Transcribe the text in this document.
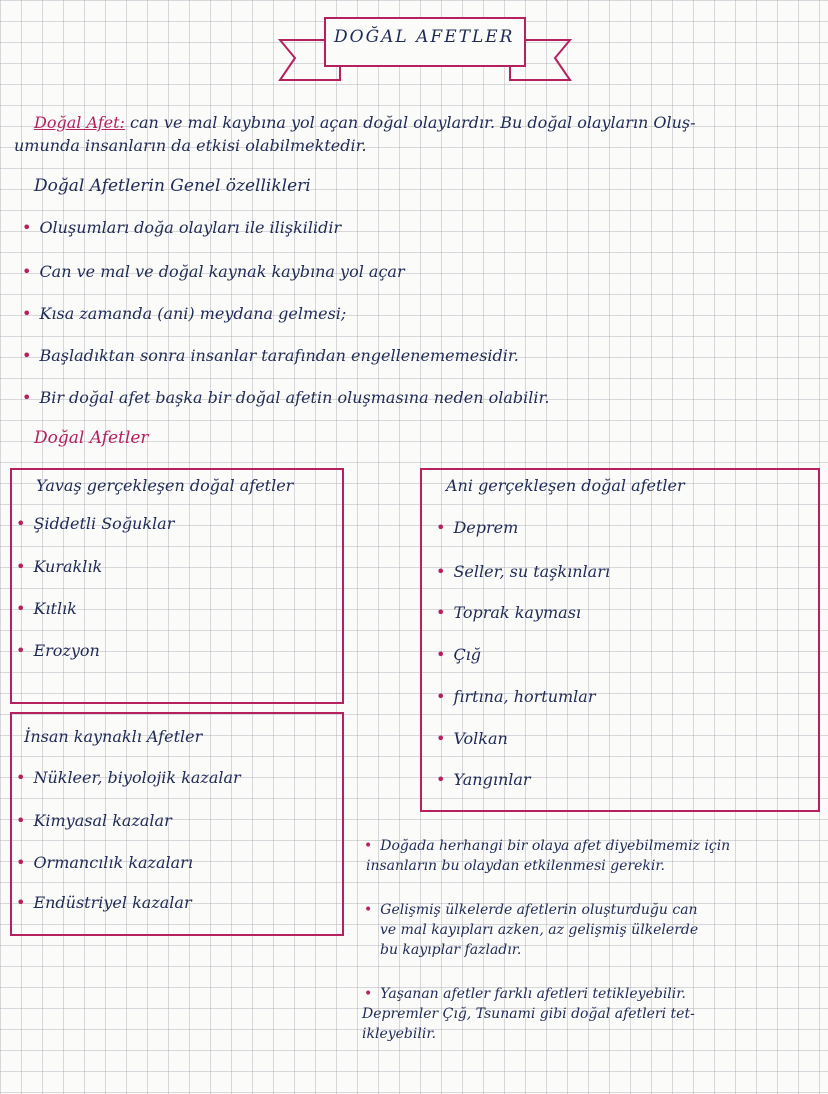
DOĞAL AFETLER
Doğal Afet: can ve mal kaybına yol açan doğal olaylardır. Bu doğal olayların Oluş-
umunda insanların da etkisi olabilmektedir.
Doğal Afetlerin Genel özellikleri
• Oluşumları doğa olayları ile ilişkilidir
• Can ve mal ve doğal kaynak kaybına yol açar
• Kısa zamanda (ani) meydana gelmesi;
• Başladıktan sonra insanlar tarafından engellenememesidir.
• Bir doğal afet başka bir doğal afetin oluşmasına neden olabilir.
Doğal Afetler
Yavaş gerçekleşen doğal afetler
• Şiddetli Soğuklar
• Kuraklık
• Kıtlık
• Erozyon
Ani gerçekleşen doğal afetler
• Deprem
• Seller, su taşkınları
• Toprak kayması
• Çığ
• fırtına, hortumlar
• Volkan
• Yangınlar
İnsan kaynaklı Afetler
• Nükleer, biyolojik kazalar
• Kimyasal kazalar
• Ormancılık kazaları
• Endüstriyel kazalar
• Doğada herhangi bir olaya afet diyebilmemiz için
insanların bu olaydan etkilenmesi gerekir.
• Gelişmiş ülkelerde afetlerin oluşturduğu can
ve mal kayıpları azken, az gelişmiş ülkelerde
bu kayıplar fazladır.
• Yaşanan afetler farklı afetleri tetikleyebilir.
Depremler Çığ, Tsunami gibi doğal afetleri tet-
ikleyebilir.
